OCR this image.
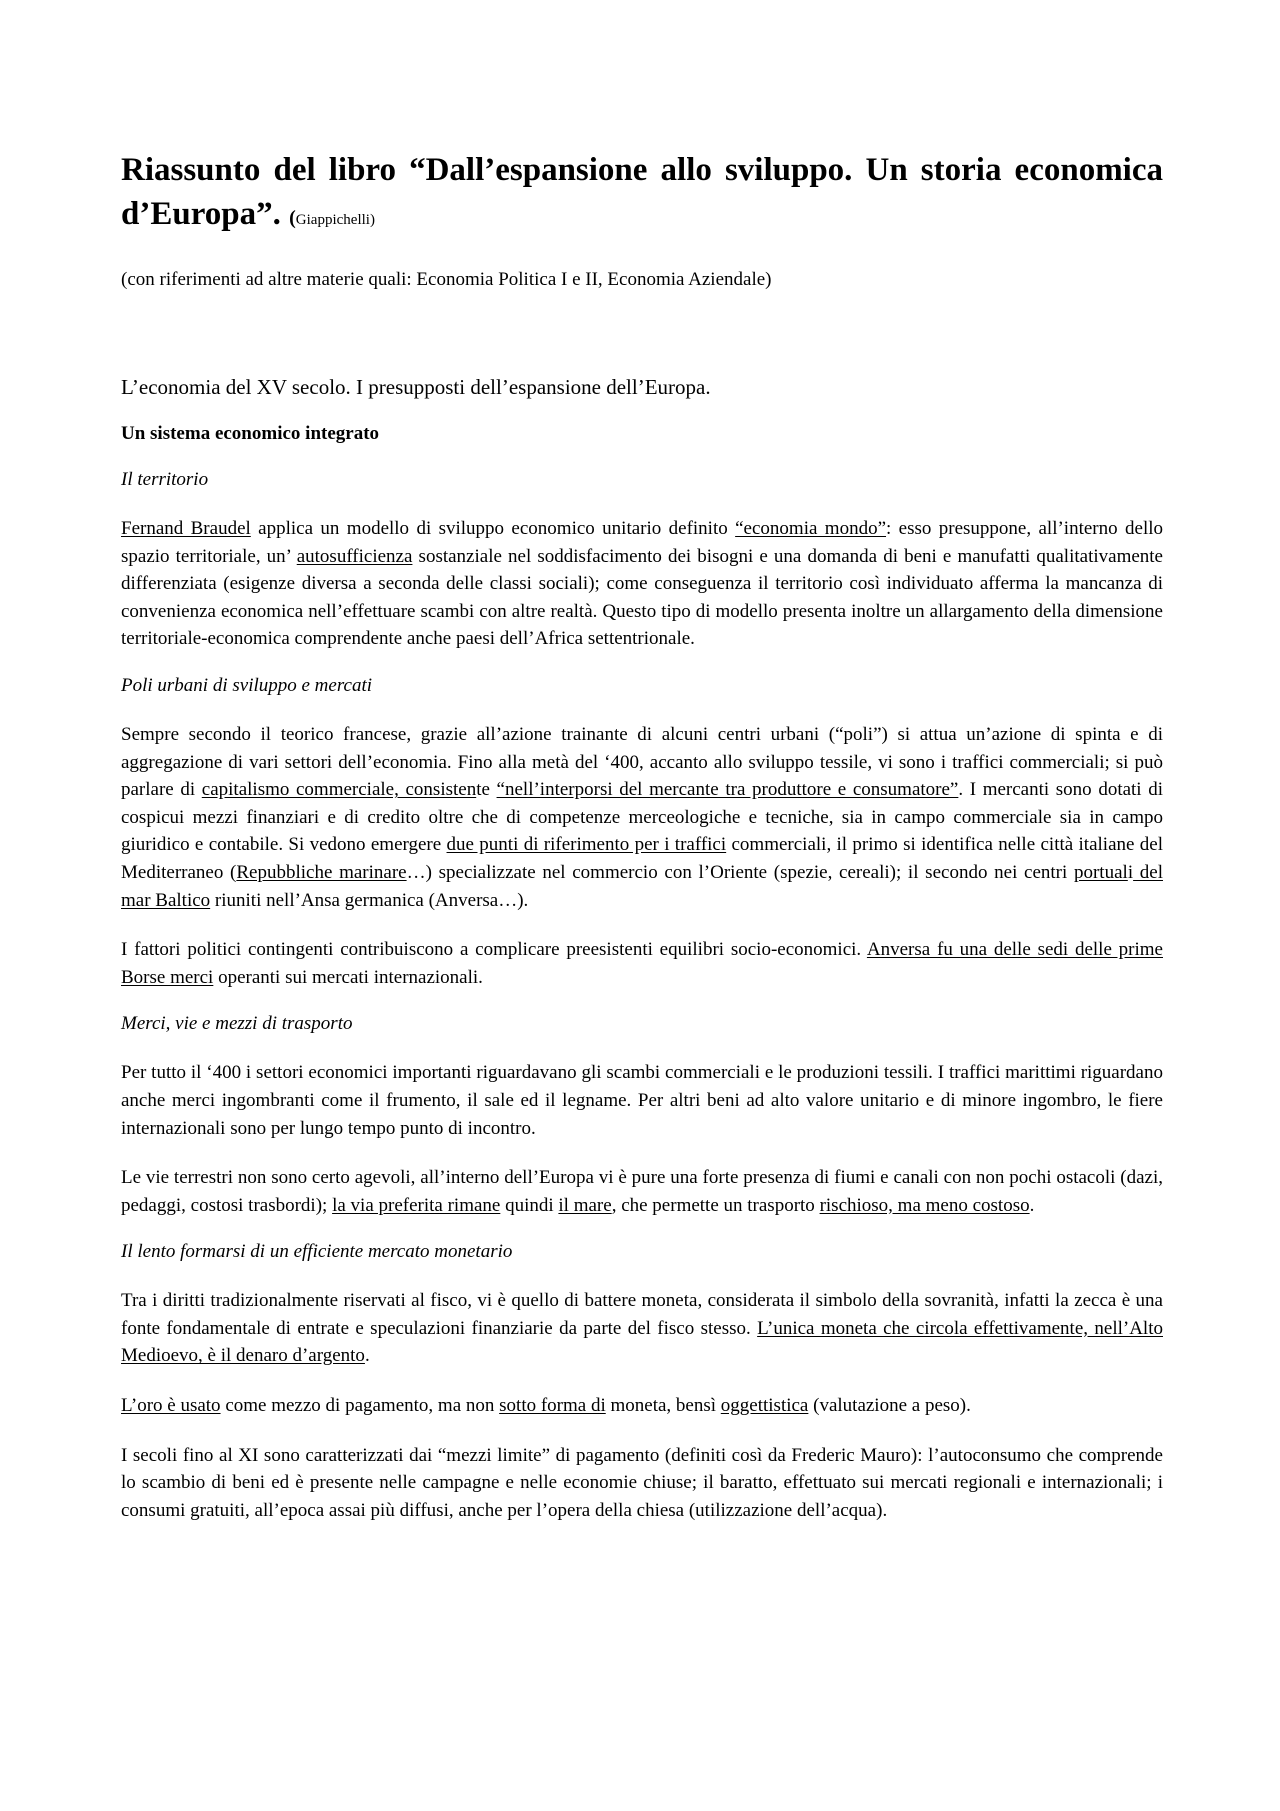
Riassunto del libro “Dall’espansione allo sviluppo. Un storia economica d’Europa”. (Giappichelli)
(con riferimenti ad altre materie quali: Economia Politica I e II, Economia Aziendale)
L’economia del XV secolo. I presupposti dell’espansione dell’Europa.
Un sistema economico integrato
Il territorio

Fernand Braudel applica un modello di sviluppo economico unitario definito “economia mondo”: esso presuppone, all’interno dello spazio territoriale, un’ autosufficienza sostanziale nel soddisfacimento dei bisogni e una domanda di beni e manufatti qualitativamente differenziata (esigenze diversa a seconda delle classi sociali); come conseguenza il territorio così individuato afferma la mancanza di convenienza economica nell’effettuare scambi con altre realtà. Questo tipo di modello presenta inoltre un allargamento della dimensione territoriale-economica comprendente anche paesi dell’Africa settentrionale.

Poli urbani di sviluppo e mercati

Sempre secondo il teorico francese, grazie all’azione trainante di alcuni centri urbani (“poli”) si attua un’azione di spinta e di aggregazione di vari settori dell’economia. Fino alla metà del ‘400, accanto allo sviluppo tessile, vi sono i traffici commerciali; si può parlare di capitalismo commerciale, consistente “nell’interporsi del mercante tra produttore e consumatore”. I mercanti sono dotati di cospicui mezzi finanziari e di credito oltre che di competenze merceologiche e tecniche, sia in campo commerciale sia in campo giuridico e contabile. Si vedono emergere due punti di riferimento per i traffici commerciali, il primo si identifica nelle città italiane del Mediterraneo (Repubbliche marinare…) specializzate nel commercio con l’Oriente (spezie, cereali); il secondo nei centri portuali del mar Baltico riuniti nell’Ansa germanica (Anversa…).

I fattori politici contingenti contribuiscono a complicare preesistenti equilibri socio-economici. Anversa fu una delle sedi delle prime Borse merci operanti sui mercati internazionali.

Merci, vie e mezzi di trasporto

Per tutto il ‘400 i settori economici importanti riguardavano gli scambi commerciali e le produzioni tessili. I traffici marittimi riguardano anche merci ingombranti come il frumento, il sale ed il legname. Per altri beni ad alto valore unitario e di minore ingombro, le fiere internazionali sono per lungo tempo punto di incontro.

Le vie terrestri non sono certo agevoli, all’interno dell’Europa vi è pure una forte presenza di fiumi e canali con non pochi ostacoli (dazi, pedaggi, costosi trasbordi); la via preferita rimane quindi il mare, che permette un trasporto rischioso, ma meno costoso.

Il lento formarsi di un efficiente mercato monetario

Tra i diritti tradizionalmente riservati al fisco, vi è quello di battere moneta, considerata il simbolo della sovranità, infatti la zecca è una fonte fondamentale di entrate e speculazioni finanziarie da parte del fisco stesso. L’unica moneta che circola effettivamente, nell’Alto Medioevo, è il denaro d’argento.

L’oro è usato come mezzo di pagamento, ma non sotto forma di moneta, bensì oggettistica (valutazione a peso).

I secoli fino al XI sono caratterizzati dai “mezzi limite” di pagamento (definiti così da Frederic Mauro): l’autoconsumo che comprende lo scambio di beni ed è presente nelle campagne e nelle economie chiuse; il baratto, effettuato sui mercati regionali e internazionali; i consumi gratuiti, all’epoca assai più diffusi, anche per l’opera della chiesa (utilizzazione dell’acqua).
